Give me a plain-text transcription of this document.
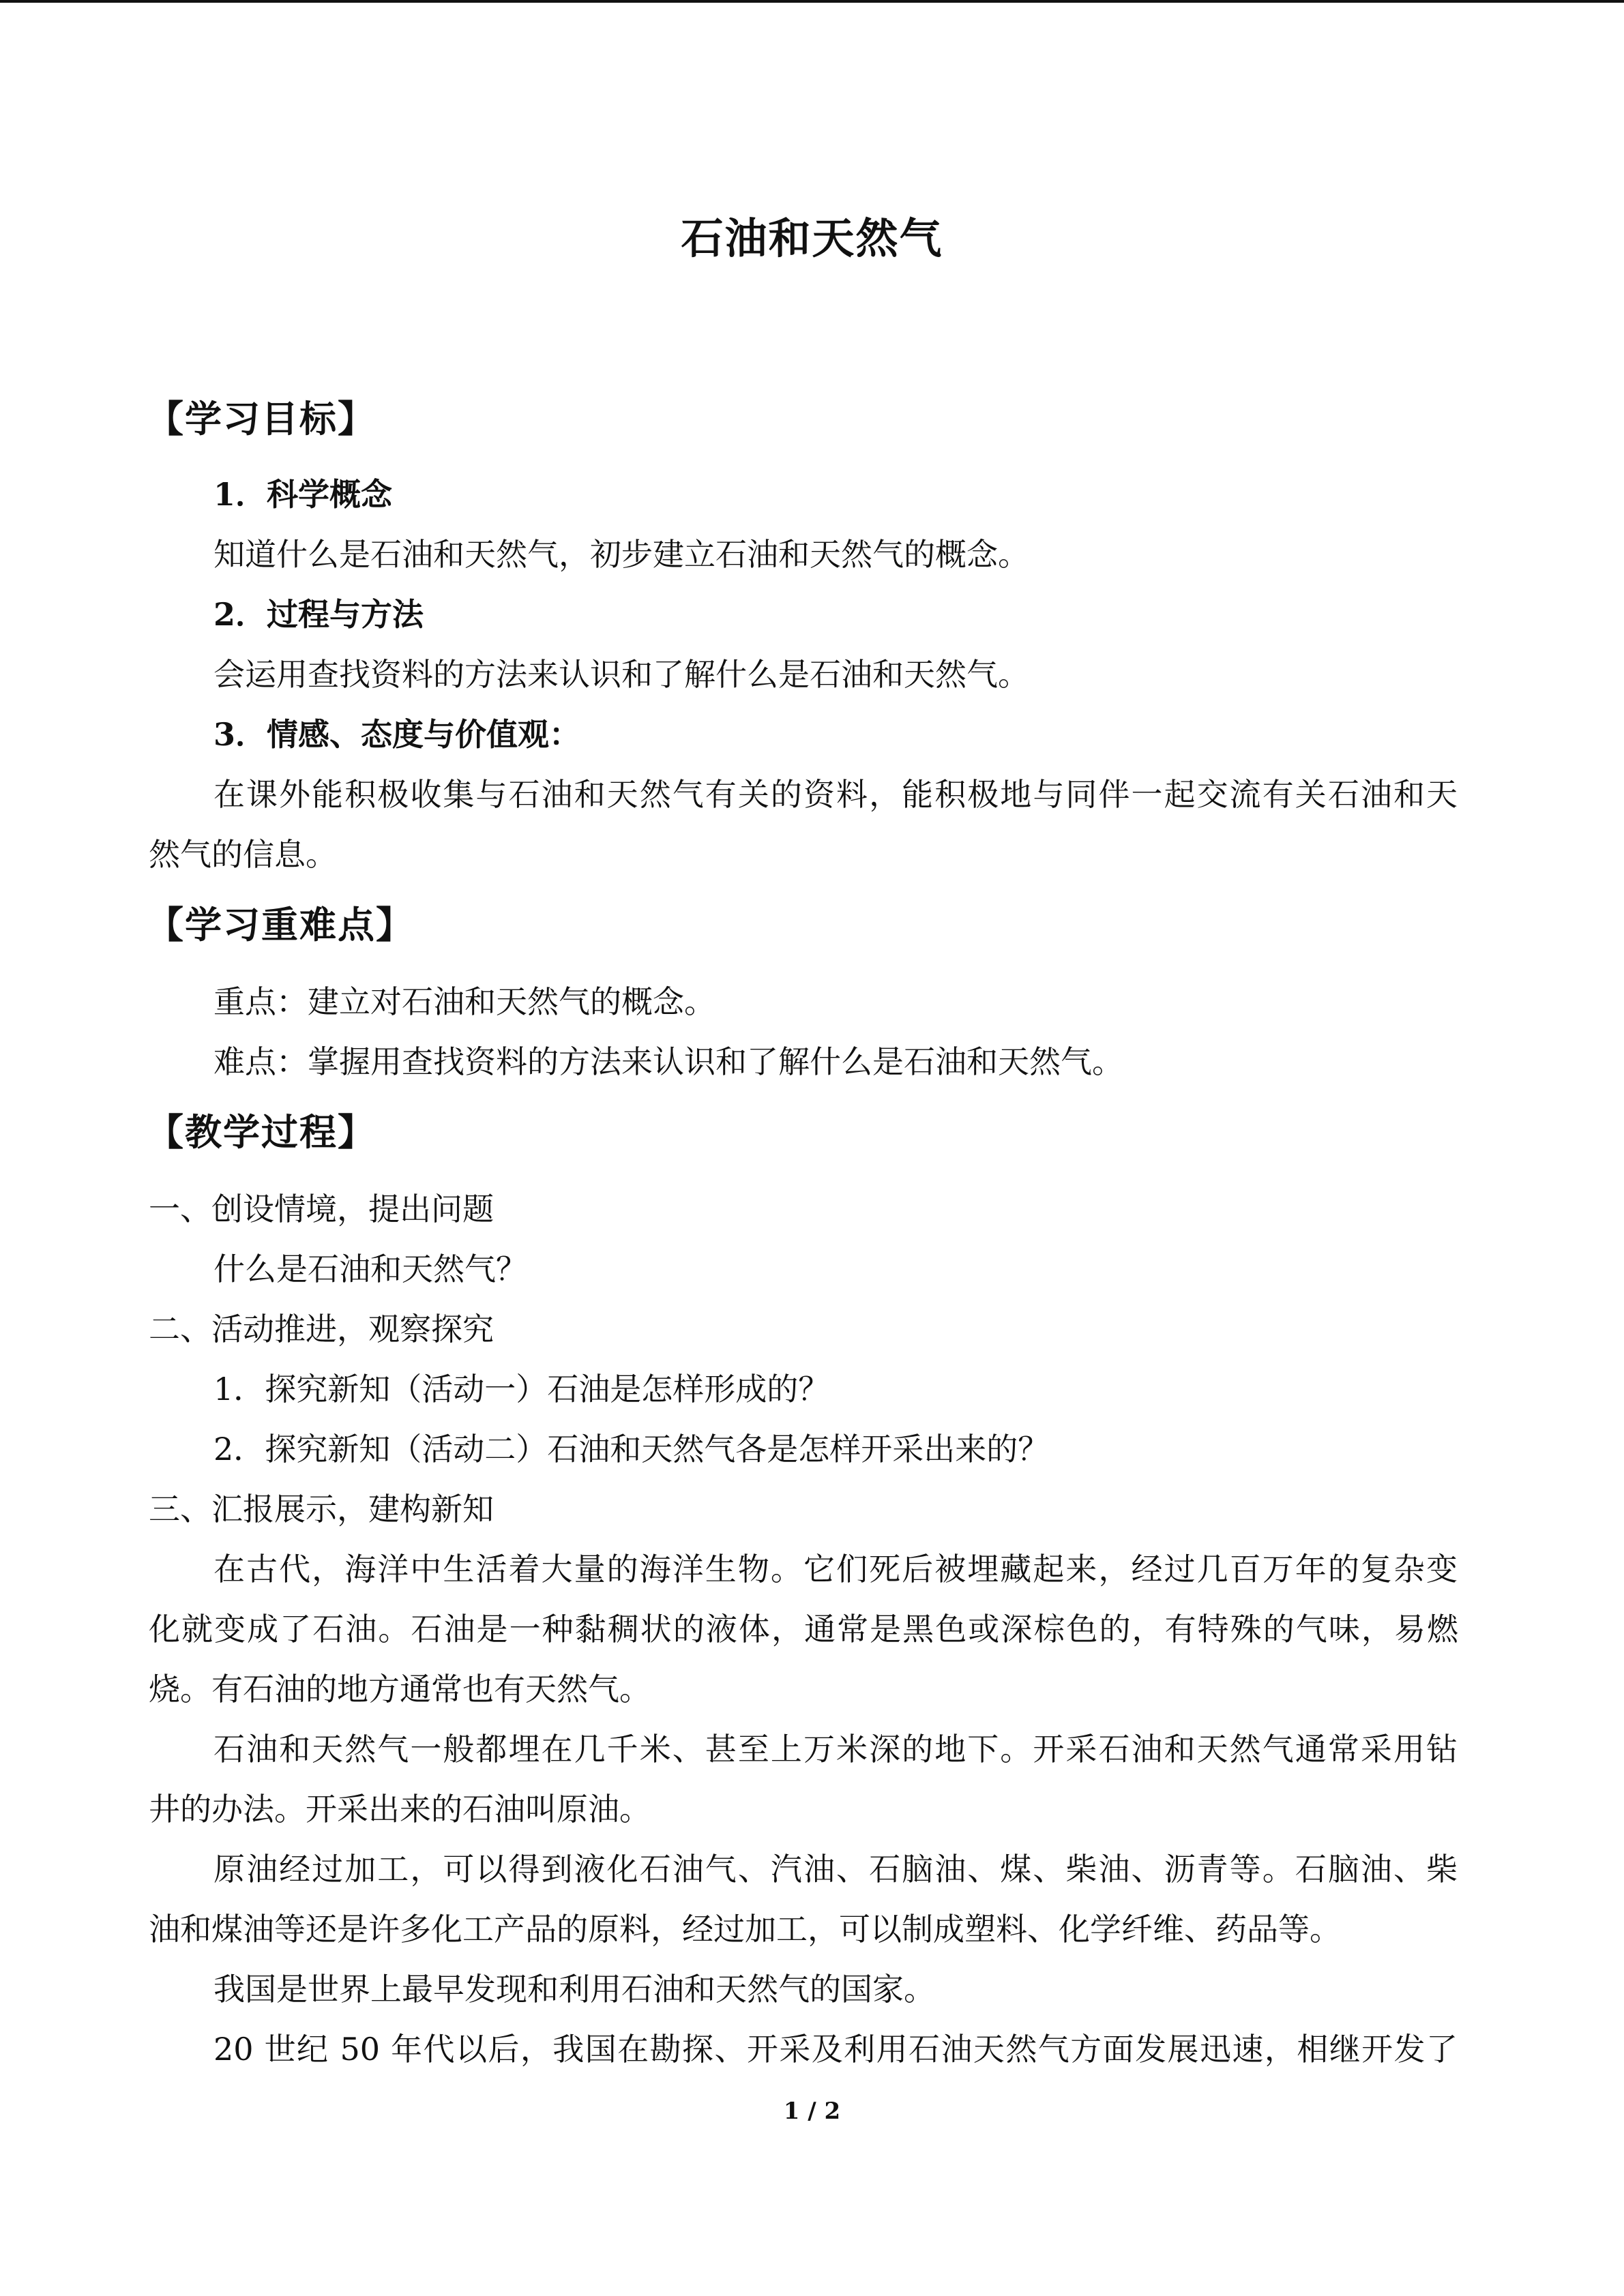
石油和天然气
【学习目标】
1．科学概念
知道什么是石油和天然气，初步建立石油和天然气的概念。
2．过程与方法
会运用查找资料的方法来认识和了解什么是石油和天然气。
3．情感、态度与价值观：
在课外能积极收集与石油和天然气有关的资料，能积极地与同伴一起交流有关石油和天
然气的信息。
【学习重难点】
重点：建立对石油和天然气的概念。
难点：掌握用查找资料的方法来认识和了解什么是石油和天然气。
【教学过程】
一、创设情境，提出问题
什么是石油和天然气？
二、活动推进，观察探究
1．探究新知（活动一）石油是怎样形成的？
2．探究新知（活动二）石油和天然气各是怎样开采出来的？
三、汇报展示，建构新知
在古代，海洋中生活着大量的海洋生物。它们死后被埋藏起来，经过几百万年的复杂变
化就变成了石油。石油是一种黏稠状的液体，通常是黑色或深棕色的，有特殊的气味，易燃
烧。有石油的地方通常也有天然气。
石油和天然气一般都埋在几千米、甚至上万米深的地下。开采石油和天然气通常采用钻
井的办法。开采出来的石油叫原油。
原油经过加工，可以得到液化石油气、汽油、石脑油、煤、柴油、沥青等。石脑油、柴
油和煤油等还是许多化工产品的原料，经过加工，可以制成塑料、化学纤维、药品等。
我国是世界上最早发现和利用石油和天然气的国家。
20 世纪 50 年代以后，我国在勘探、开采及利用石油天然气方面发展迅速，相继开发了
1 / 2
